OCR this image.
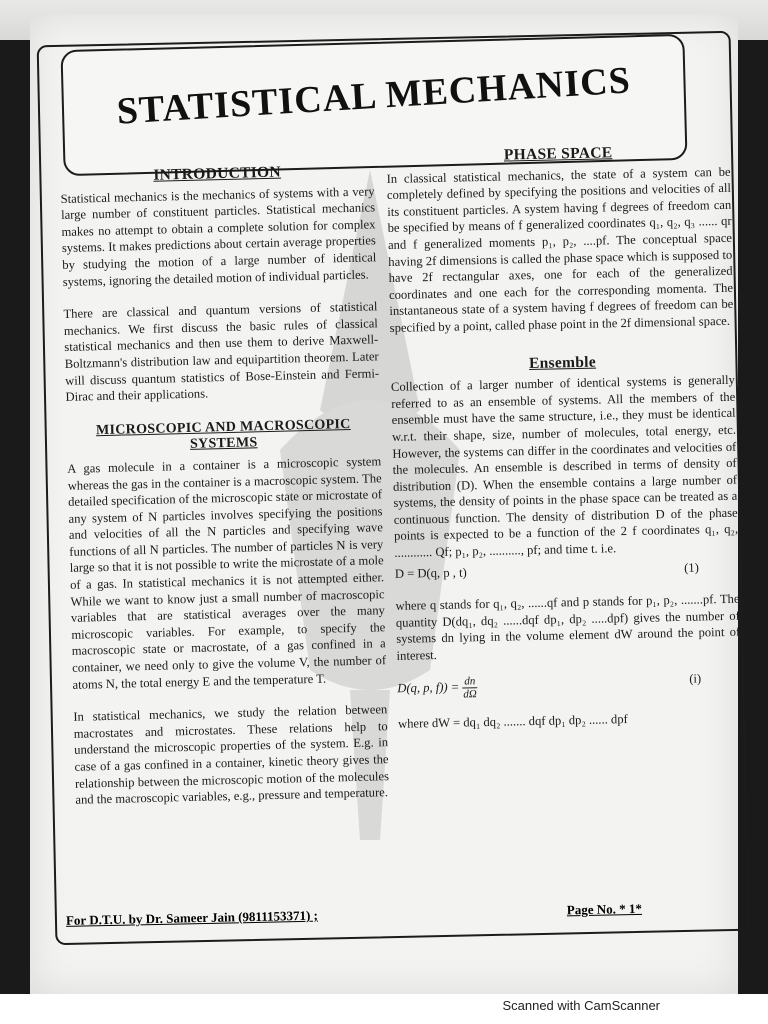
STATISTICAL MECHANICS
INTRODUCTION

Statistical mechanics is the mechanics of systems with a very large number of constituent particles. Statistical mechanics makes no attempt to obtain a complete solution for complex systems. It makes predictions about certain average properties by studying the motion of a large number of identical systems, ignoring the detailed motion of individual particles.

There are classical and quantum versions of statistical mechanics. We first discuss the basic rules of classical statistical mechanics and then use them to derive Maxwell-Boltzmann's distribution law and equipartition theorem. Later will discuss quantum statistics of Bose-Einstein and Fermi-Dirac and their applications.

MICROSCOPIC AND MACROSCOPIC
SYSTEMS

A gas molecule in a container is a microscopic system whereas the gas in the container is a macroscopic system. The detailed specification of the microscopic state or microstate of any system of N particles involves specifying the positions and velocities of all the N particles and specifying wave functions of all N particles. The number of particles N is very large so that it is not possible to write the microstate of a mole of a gas. In statistical mechanics it is not attempted either. While we want to know just a small number of macroscopic variables that are statistical averages over the many microscopic variables. For example, to specify the macroscopic state or macrostate, of a gas confined in a container, we need only to give the volume V, the number of atoms N, the total energy E and the temperature T.

In statistical mechanics, we study the relation between macrostates and microstates. These relations help to understand the microscopic properties of the system. E.g. in case of a gas confined in a container, kinetic theory gives the relationship between the microscopic motion of the molecules and the macroscopic variables, e.g., pressure and temperature.

PHASE SPACE

In classical statistical mechanics, the state of a system can be completely defined by specifying the positions and velocities of all its constituent particles. A system having f degrees of freedom can be specified by means of f generalized coordinates q₁, q₂, q₃ ...... qr and f generalized moments p₁, p₂, ....pf. The conceptual space having 2f dimensions is called the phase space which is supposed to have 2f rectangular axes, one for each of the generalized coordinates and one each for the corresponding momenta. The instantaneous state of a system having f degrees of freedom can be specified by a point, called phase point in the 2f dimensional space.

Ensemble

Collection of a larger number of identical systems is generally referred to as an ensemble of systems. All the members of the ensemble must have the same structure, i.e., they must be identical w.r.t. their shape, size, number of molecules, total energy, etc. However, the systems can differ in the coordinates and velocities of the molecules. An ensemble is described in terms of density of distribution (D). When the ensemble contains a large number of systems, the density of points in the phase space can be treated as a continuous function. The density of distribution D of the phase points is expected to be a function of the 2 f coordinates q₁, q₂, ............ Qf; p₁, p₂, .........., pf; and time t. i.e.

D = D(q, p , t)	(1)

where q stands for q₁, q₂, ......qf and p stands for p₁, p₂, .......pf. The quantity D(dq₁, dq₂ ......dqf dp₁, dp₂ .....dpf) gives the number of systems dn lying in the volume element dW around the point of interest.

D(q, p, $f)) = \frac{dn}{d\Omega}$	(i)

where dW = dq₁ dq₂ ....... dqf dp₁ dp₂ ...... dpf

For D.T.U. by Dr. Sameer Jain (9811153371) ;	Page No. * 1*
Scanned with CamScanner
